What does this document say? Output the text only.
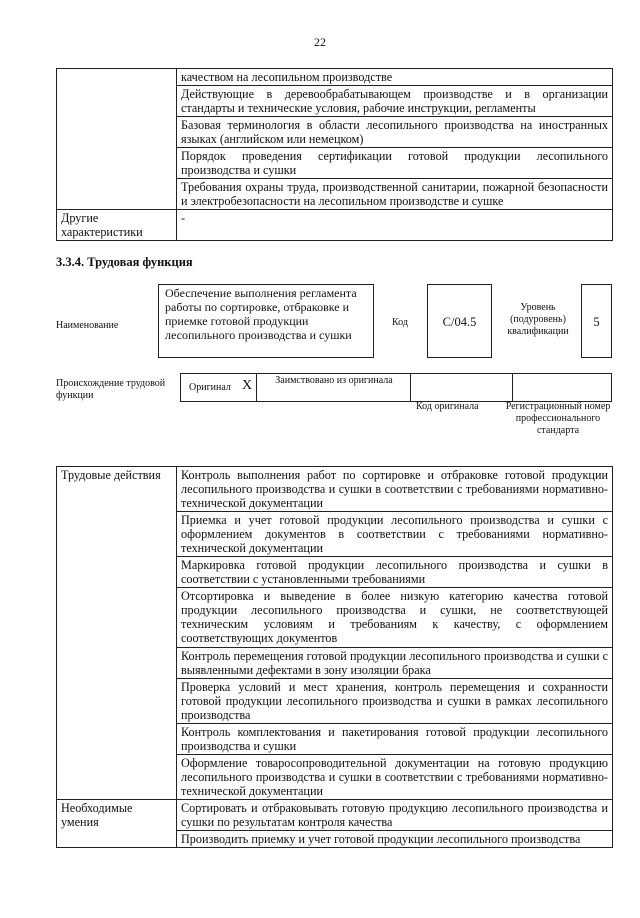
22
	качеством на лесопильном производстве
	Действующие в деревообрабатывающем производстве и в организации стандарты и технические условия, рабочие инструкции, регламенты
	Базовая терминология в области лесопильного производства на иностранных языках (английском или немецком)
	Порядок проведения сертификации готовой продукции лесопильного производства и сушки
	Требования охраны труда, производственной санитарии, пожарной безопасности и электробезопасности на лесопильном производстве и сушке
Другие характеристики	-
3.3.4. Трудовая функция
Наименование
Обеспечение выполнения регламента работы по сортировке, отбраковке и приемке готовой продукции лесопильного производства и сушки
Код	C/04.5
Уровень (подуровень) квалификации
5
Происхождение трудовой функции
Оригинал X	Заимствовано из оригинала
Код оригинала	Регистрационный номер профессионального стандарта
Трудовые действия	Контроль выполнения работ по сортировке и отбраковке готовой продукции лесопильного производства и сушки в соответствии с требованиями нормативно-технической документации
	Приемка и учет готовой продукции лесопильного производства и сушки с оформлением документов в соответствии с требованиями нормативно-технической документации
	Маркировка готовой продукции лесопильного производства и сушки в соответствии с установленными требованиями
	Отсортировка и выведение в более низкую категорию качества готовой продукции лесопильного производства и сушки, не соответствующей техническим условиям и требованиям к качеству, с оформлением соответствующих документов
	Контроль перемещения готовой продукции лесопильного производства и сушки с выявленными дефектами в зону изоляции брака
	Проверка условий и мест хранения, контроль перемещения и сохранности готовой продукции лесопильного производства и сушки в рамках лесопильного производства
	Контроль комплектования и пакетирования готовой продукции лесопильного производства и сушки
	Оформление товаросопроводительной документации на готовую продукцию лесопильного производства и сушки в соответствии с требованиями нормативно-технической документации
Необходимые умения	Сортировать и отбраковывать готовую продукцию лесопильного производства и сушки по результатам контроля качества
	Производить приемку и учет готовой продукции лесопильного производства
